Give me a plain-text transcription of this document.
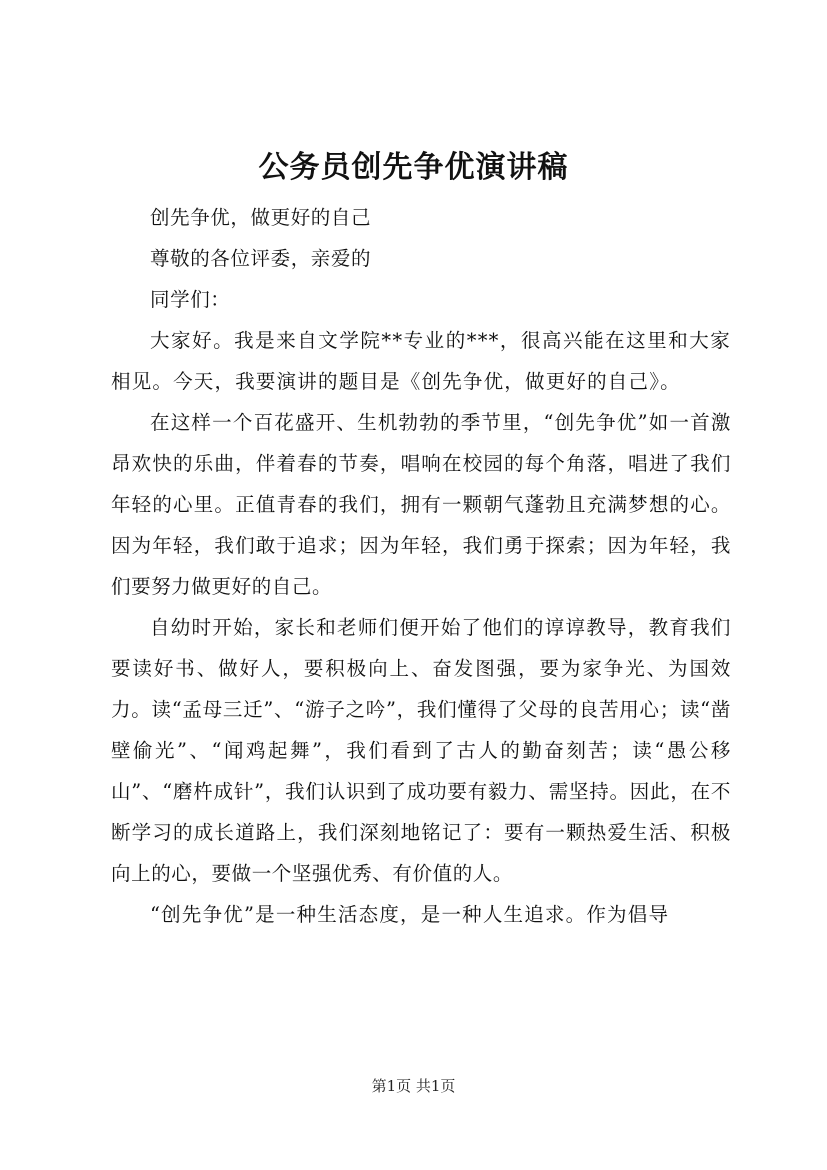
公务员创先争优演讲稿

创先争优，做更好的自己

尊敬的各位评委，亲爱的

同学们：

大家好。我是来自文学院**专业的***，很高兴能在这里和大家相见。今天，我要演讲的题目是《创先争优，做更好的自己》。

在这样一个百花盛开、生机勃勃的季节里，“创先争优”如一首激昂欢快的乐曲，伴着春的节奏，唱响在校园的每个角落，唱进了我们年轻的心里。正值青春的我们，拥有一颗朝气蓬勃且充满梦想的心。因为年轻，我们敢于追求；因为年轻，我们勇于探索；因为年轻，我们要努力做更好的自己。

自幼时开始，家长和老师们便开始了他们的谆谆教导，教育我们要读好书、做好人，要积极向上、奋发图强，要为家争光、为国效力。读“孟母三迁”、“游子之吟”，我们懂得了父母的良苦用心；读“凿壁偷光”、“闻鸡起舞”，我们看到了古人的勤奋刻苦；读“愚公移山”、“磨杵成针”，我们认识到了成功要有毅力、需坚持。因此，在不断学习的成长道路上，我们深刻地铭记了：要有一颗热爱生活、积极向上的心，要做一个坚强优秀、有价值的人。

“创先争优”是一种生活态度，是一种人生追求。作为倡导

第1页 共1页
